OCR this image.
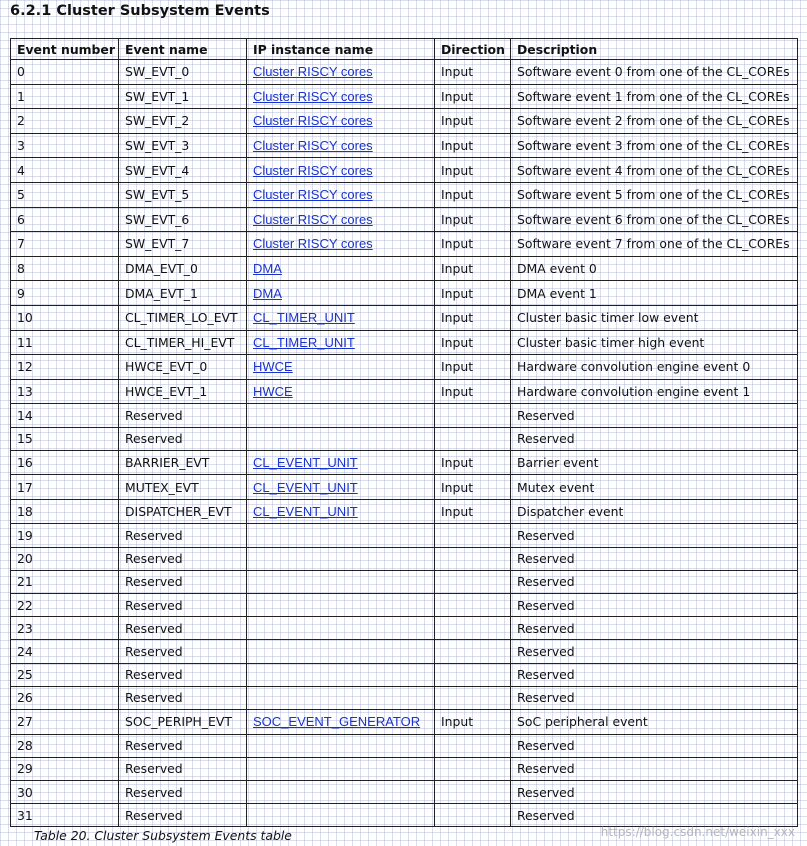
6.2.1 Cluster Subsystem Events
Event number	Event name	IP instance name	Direction	Description
0	SW_EVT_0	Cluster RISCY cores	Input	Software event 0 from one of the CL_COREs
1	SW_EVT_1	Cluster RISCY cores	Input	Software event 1 from one of the CL_COREs
2	SW_EVT_2	Cluster RISCY cores	Input	Software event 2 from one of the CL_COREs
3	SW_EVT_3	Cluster RISCY cores	Input	Software event 3 from one of the CL_COREs
4	SW_EVT_4	Cluster RISCY cores	Input	Software event 4 from one of the CL_COREs
5	SW_EVT_5	Cluster RISCY cores	Input	Software event 5 from one of the CL_COREs
6	SW_EVT_6	Cluster RISCY cores	Input	Software event 6 from one of the CL_COREs
7	SW_EVT_7	Cluster RISCY cores	Input	Software event 7 from one of the CL_COREs
8	DMA_EVT_0	DMA	Input	DMA event 0
9	DMA_EVT_1	DMA	Input	DMA event 1
10	CL_TIMER_LO_EVT	CL_TIMER_UNIT	Input	Cluster basic timer low event
11	CL_TIMER_HI_EVT	CL_TIMER_UNIT	Input	Cluster basic timer high event
12	HWCE_EVT_0	HWCE	Input	Hardware convolution engine event 0
13	HWCE_EVT_1	HWCE	Input	Hardware convolution engine event 1
14	Reserved			Reserved
15	Reserved			Reserved
16	BARRIER_EVT	CL_EVENT_UNIT	Input	Barrier event
17	MUTEX_EVT	CL_EVENT_UNIT	Input	Mutex event
18	DISPATCHER_EVT	CL_EVENT_UNIT	Input	Dispatcher event
19	Reserved			Reserved
20	Reserved			Reserved
21	Reserved			Reserved
22	Reserved			Reserved
23	Reserved			Reserved
24	Reserved			Reserved
25	Reserved			Reserved
26	Reserved			Reserved
27	SOC_PERIPH_EVT	SOC_EVENT_GENERATOR	Input	SoC peripheral event
28	Reserved			Reserved
29	Reserved			Reserved
30	Reserved			Reserved
31	Reserved			Reserved
Table 20. Cluster Subsystem Events table	https://blog.csdn.net/weixin_xxx
